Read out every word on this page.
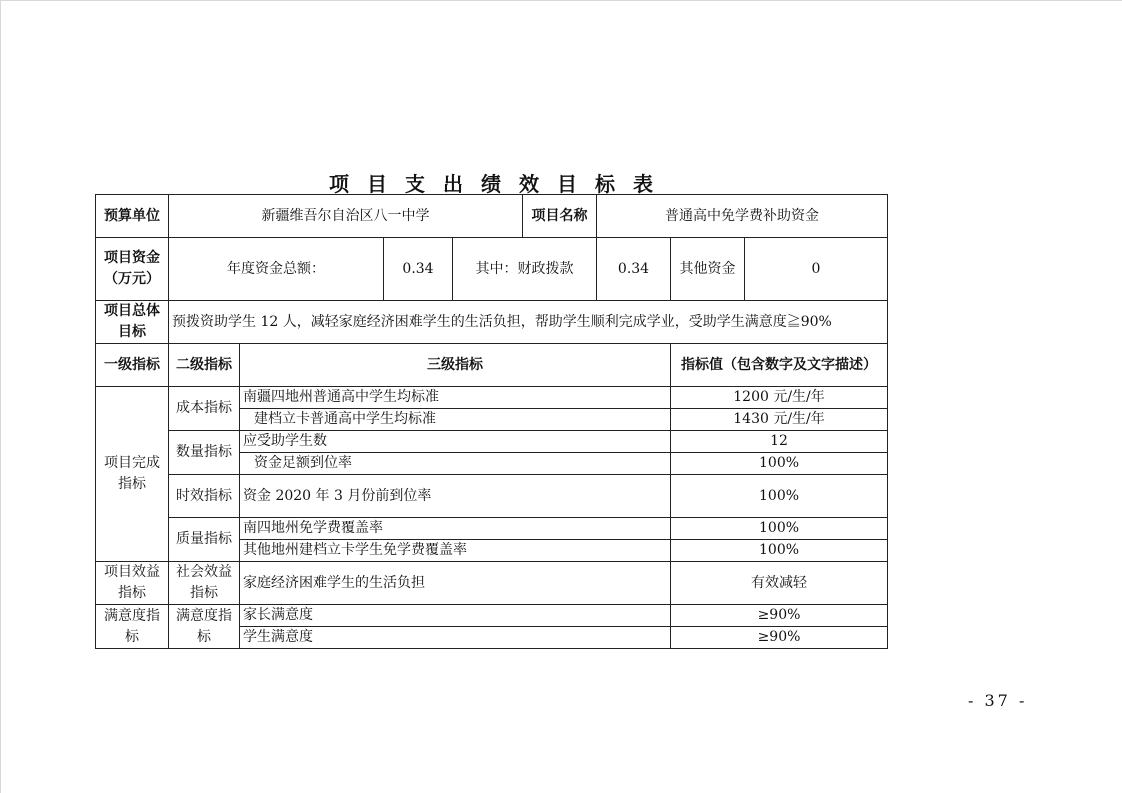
项目支出绩效目标表
预算单位	新疆维吾尔自治区八一中学				项目名称	普通高中免学费补助资金		
项目资金（万元）	年度资金总额：		0.34	其中：财政拨款		0.34	其他资金	0
项目总体目标	预拨资助学生 12 人，减轻家庭经济困难学生的生活负担，帮助学生顺利完成学业，受助学生满意度≧90%							
一级指标	二级指标	三级指标					指标值（包含数字及文字描述）	
项目完成指标	成本指标	南疆四地州普通高中学生均标准					1200 元/生/年	
		建档立卡普通高中学生均标准					1430 元/生/年	
	数量指标	应受助学生数					12	
		资金足额到位率					100%	
	时效指标	资金 2020 年 3 月份前到位率					100%	
	质量指标	南四地州免学费覆盖率					100%	
		其他地州建档立卡学生免学费覆盖率					100%	
项目效益指标	社会效益指标	家庭经济困难学生的生活负担					有效减轻	
满意度指标	满意度指标	家长满意度					≥90%	
		学生满意度					≥90%	
- 37 -
